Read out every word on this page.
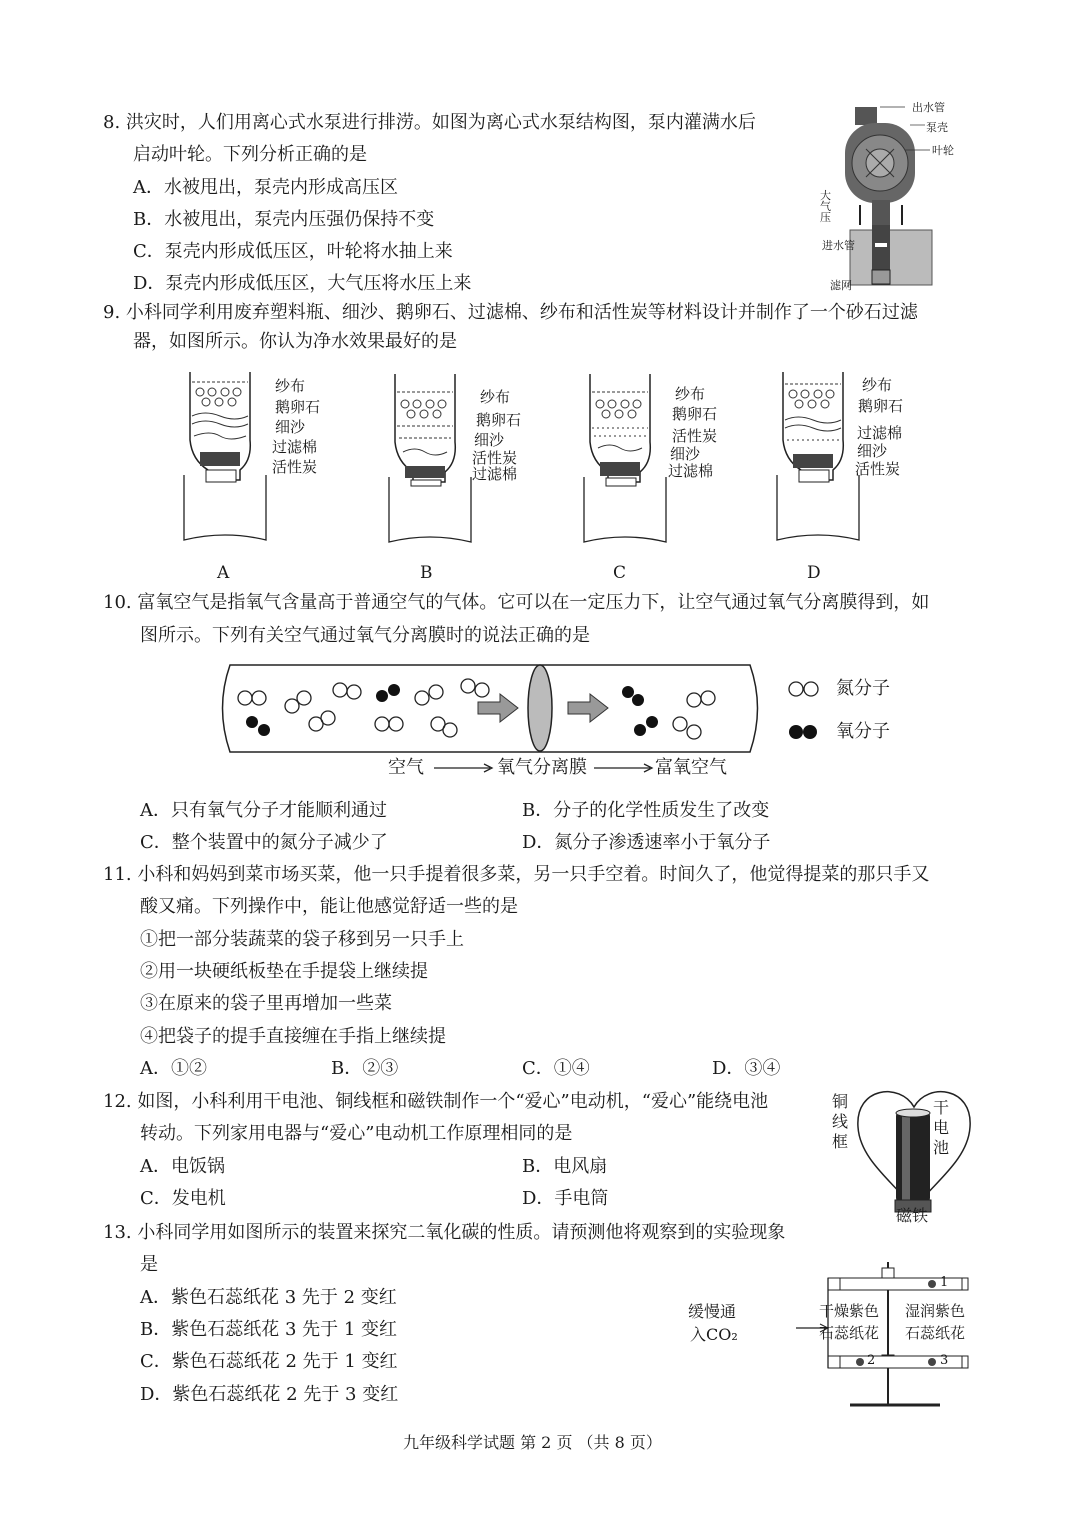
8. 洪灾时，人们用离心式水泵进行排涝。如图为离心式水泵结构图，泵内灌满水后
启动叶轮。下列分析正确的是
A．水被甩出，泵壳内形成高压区
B．水被甩出，泵壳内压强仍保持不变
C．泵壳内形成低压区，叶轮将水抽上来
D．泵壳内形成低压区，大气压将水压上来
出水管
泵壳
叶轮
大气压
进水管
滤网
9. 小科同学利用废弃塑料瓶、细沙、鹅卵石、过滤棉、纱布和活性炭等材料设计并制作了一个砂石过滤
器，如图所示。你认为净水效果最好的是
纱布
鹅卵石
细沙
过滤棉
活性炭
A
纱布
鹅卵石
细沙
活性炭
过滤棉
B
纱布
鹅卵石
活性炭
细沙
过滤棉
C
纱布
鹅卵石
过滤棉
细沙
活性炭
D
10. 富氧空气是指氧气含量高于普通空气的气体。它可以在一定压力下，让空气通过氧气分离膜得到，如
图所示。下列有关空气通过氧气分离膜时的说法正确的是
氮分子
氧分子
空气	氧气分离膜	富氧空气
A．只有氧气分子才能顺利通过	B．分子的化学性质发生了改变
C．整个装置中的氮分子减少了	D．氮分子渗透速率小于氧分子
11. 小科和妈妈到菜市场买菜，他一只手提着很多菜，另一只手空着。时间久了，他觉得提菜的那只手又
酸又痛。下列操作中，能让他感觉舒适一些的是
①把一部分装蔬菜的袋子移到另一只手上
②用一块硬纸板垫在手提袋上继续提
③在原来的袋子里再增加一些菜
④把袋子的提手直接缠在手指上继续提
A．①②	B．②③	C．①④	D．③④
12. 如图，小科利用干电池、铜线框和磁铁制作一个“爱心”电动机，“爱心”能绕电池
转动。下列家用电器与“爱心”电动机工作原理相同的是
A．电饭锅	B．电风扇
C．发电机	D．手电筒
铜线框
干电池
磁铁
13. 小科同学用如图所示的装置来探究二氧化碳的性质。请预测他将观察到的实验现象
是
A．紫色石蕊纸花 3 先于 2 变红
B．紫色石蕊纸花 3 先于 1 变红
C．紫色石蕊纸花 2 先于 1 变红
D．紫色石蕊纸花 2 先于 3 变红
缓慢通
入CO₂
干燥紫色
石蕊纸花
湿润紫色
石蕊纸花
1
2	3
九年级科学试题 第 2 页 （共 8 页）
